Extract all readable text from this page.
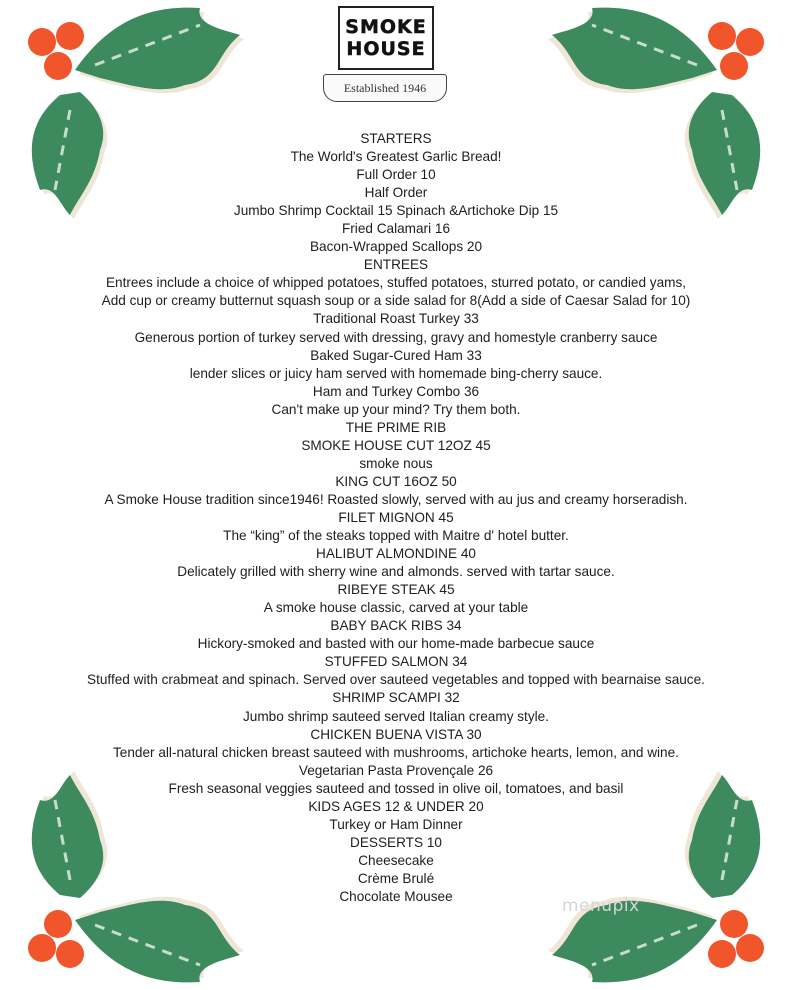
SMOKE
HOUSE
Established 1946
STARTERS
The World's Greatest Garlic Bread!
Full Order 10
Half Order
Jumbo Shrimp Cocktail 15 Spinach &Artichoke Dip 15
Fried Calamari 16
Bacon-Wrapped Scallops 20
ENTREES
Entrees include a choice of whipped potatoes, stuffed potatoes, sturred potato, or candied yams,
Add cup or creamy butternut squash soup or a side salad for 8(Add a side of Caesar Salad for 10)
Traditional Roast Turkey 33
Generous portion of turkey served with dressing, gravy and homestyle cranberry sauce
Baked Sugar-Cured Ham 33
lender slices or juicy ham served with homemade bing-cherry sauce.
Ham and Turkey Combo 36
Can't make up your mind? Try them both.
THE PRIME RIB
SMOKE HOUSE CUT 12OZ 45
smoke nous
KING CUT 16OZ 50
A Smoke House tradition since1946! Roasted slowly, served with au jus and creamy horseradish.
FILET MIGNON 45
The “king” of the steaks topped with Maitre d' hotel butter.
HALIBUT ALMONDINE 40
Delicately grilled with sherry wine and almonds. served with tartar sauce.
RIBEYE STEAK 45
A smoke house classic, carved at your table
BABY BACK RIBS 34
Hickory-smoked and basted with our home-made barbecue sauce
STUFFED SALMON 34
Stuffed with crabmeat and spinach. Served over sauteed vegetables and topped with bearnaise sauce.
SHRIMP SCAMPI 32
Jumbo shrimp sauteed served Italian creamy style.
CHICKEN BUENA VISTA 30
Tender all-natural chicken breast sauteed with mushrooms, artichoke hearts, lemon, and wine.
Vegetarian Pasta Provençale 26
Fresh seasonal veggies sauteed and tossed in olive oil, tomatoes, and basil
KIDS AGES 12 & UNDER 20
Turkey or Ham Dinner
DESSERTS 10
Cheesecake
Crème Brulé
Chocolate Mousee	menupix
